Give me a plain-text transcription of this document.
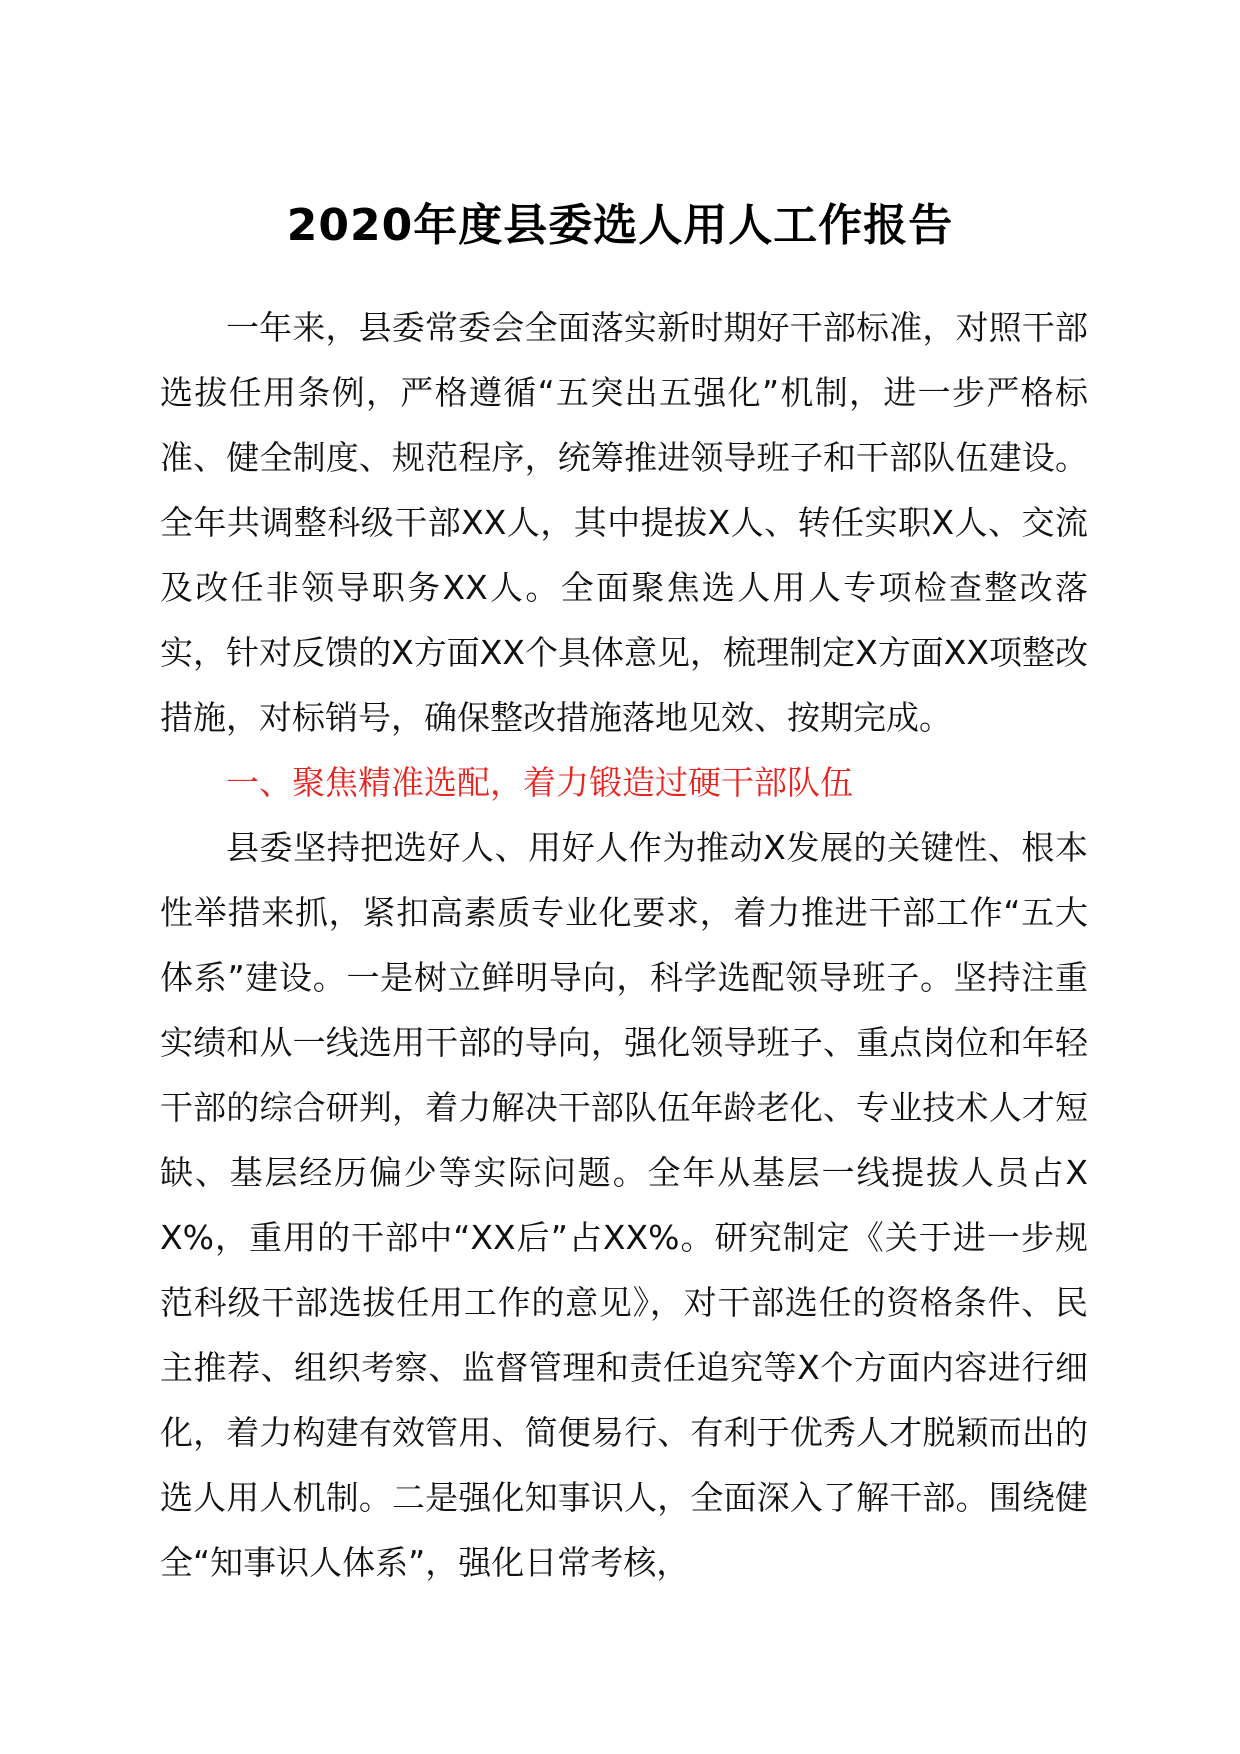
2020年度县委选人用人工作报告

一年来，县委常委会全面落实新时期好干部标准，对照干部选拔任用条例，严格遵循“五突出五强化”机制，进一步严格标准、健全制度、规范程序，统筹推进领导班子和干部队伍建设。全年共调整科级干部XX人，其中提拔X人、转任实职X人、交流及改任非领导职务XX人。全面聚焦选人用人专项检查整改落实，针对反馈的X方面XX个具体意见，梳理制定X方面XX项整改措施，对标销号，确保整改措施落地见效、按期完成。

一、聚焦精准选配，着力锻造过硬干部队伍

县委坚持把选好人、用好人作为推动X发展的关键性、根本性举措来抓，紧扣高素质专业化要求，着力推进干部工作“五大体系”建设。一是树立鲜明导向，科学选配领导班子。坚持注重实绩和从一线选用干部的导向，强化领导班子、重点岗位和年轻干部的综合研判，着力解决干部队伍年龄老化、专业技术人才短缺、基层经历偏少等实际问题。全年从基层一线提拔人员占XX%，重用的干部中“XX后”占XX%。研究制定《关于进一步规范科级干部选拔任用工作的意见》，对干部选任的资格条件、民主推荐、组织考察、监督管理和责任追究等X个方面内容进行细化，着力构建有效管用、简便易行、有利于优秀人才脱颖而出的选人用人机制。二是强化知事识人，全面深入了解干部。围绕健全“知事识人体系”，强化日常考核，
